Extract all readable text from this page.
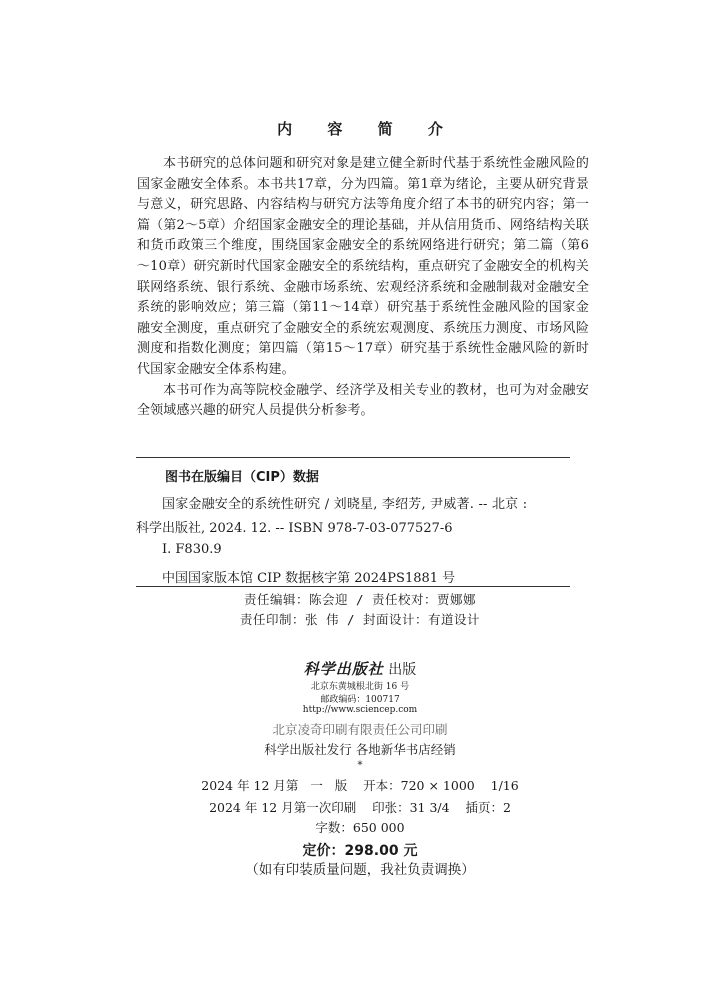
内 容 简 介

本书研究的总体问题和研究对象是建立健全新时代基于系统性金融风险的国家金融安全体系。本书共17章，分为四篇。第1章为绪论，主要从研究背景与意义，研究思路、内容结构与研究方法等角度介绍了本书的研究内容；第一篇（第2～5章）介绍国家金融安全的理论基础，并从信用货币、网络结构关联和货币政策三个维度，围绕国家金融安全的系统网络进行研究；第二篇（第6～10章）研究新时代国家金融安全的系统结构，重点研究了金融安全的机构关联网络系统、银行系统、金融市场系统、宏观经济系统和金融制裁对金融安全系统的影响效应；第三篇（第11～14章）研究基于系统性金融风险的国家金融安全测度，重点研究了金融安全的系统宏观测度、系统压力测度、市场风险测度和指数化测度；第四篇（第15～17章）研究基于系统性金融风险的新时代国家金融安全体系构建。

本书可作为高等院校金融学、经济学及相关专业的教材，也可为对金融安全领域感兴趣的研究人员提供分析参考。

图书在版编目（CIP）数据
国家金融安全的系统性研究 / 刘晓星, 李绍芳, 尹威著. -- 北京 :
科学出版社, 2024. 12. -- ISBN 978-7-03-077527-6
Ⅰ. F830.9
中国国家版本馆 CIP 数据核字第 2024PS1881 号
责任编辑：陈会迎 / 责任校对：贾娜娜
责任印制：张 伟 / 封面设计：有道设计
科学出版社 出版
北京东黄城根北街 16 号
邮政编码：100717
http://www.sciencep.com
北京凌奇印刷有限责任公司印刷
科学出版社发行 各地新华书店经销
*
2024 年 12 月第   一   版    开本：720 × 1000    1/16
2024 年 12 月第一次印刷    印张：31 3/4    插页：2
字数：650 000
定价：298.00 元
（如有印装质量问题，我社负责调换）
